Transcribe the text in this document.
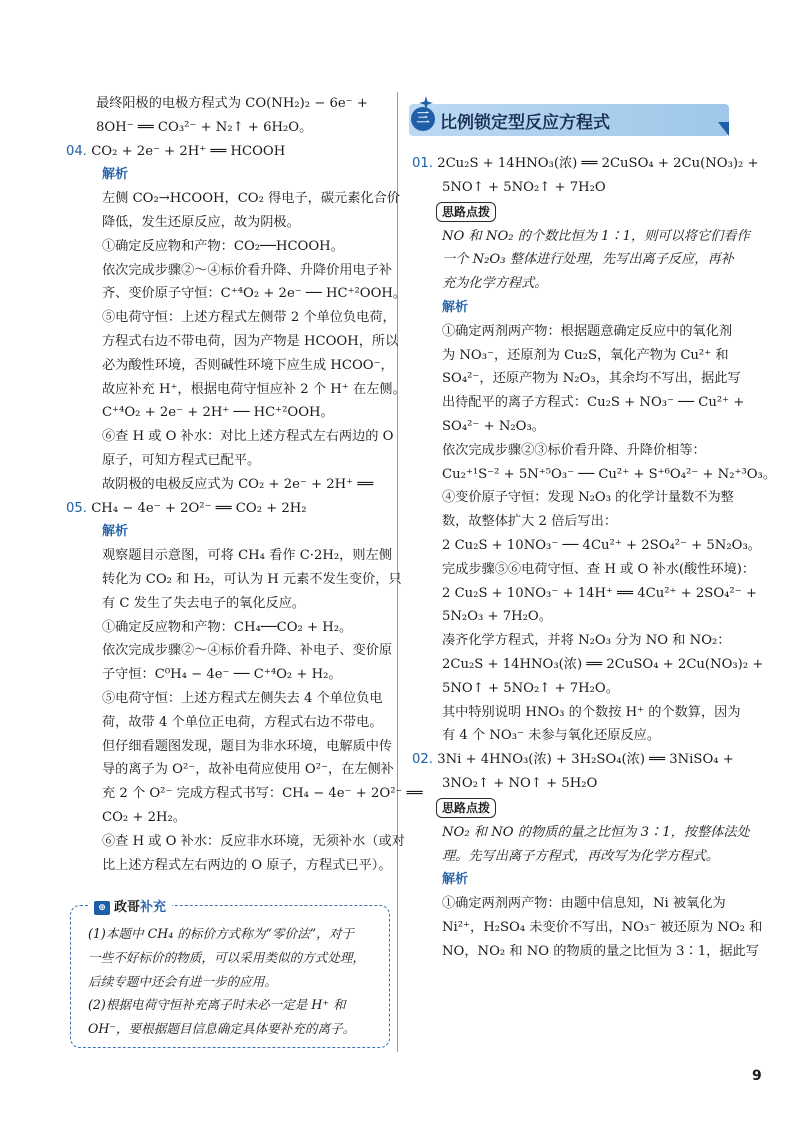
最终阳极的电极方程式为 CO(NH₂)₂ − 6e⁻ +
8OH⁻ ══ CO₃²⁻ + N₂↑ + 6H₂O。
04. CO₂ + 2e⁻ + 2H⁺ ══ HCOOH
解析
左侧 CO₂→HCOOH，CO₂ 得电子，碳元素化合价
降低，发生还原反应，故为阴极。
①确定反应物和产物：CO₂──HCOOH。
依次完成步骤②～④标价看升降、升降价用电子补
齐、变价原子守恒：C⁺⁴O₂ + 2e⁻ ── HC⁺²OOH。
⑤电荷守恒：上述方程式左侧带 2 个单位负电荷，
方程式右边不带电荷，因为产物是 HCOOH，所以
必为酸性环境，否则碱性环境下应生成 HCOO⁻，
故应补充 H⁺，根据电荷守恒应补 2 个 H⁺ 在左侧。
C⁺⁴O₂ + 2e⁻ + 2H⁺ ── HC⁺²OOH。
⑥查 H 或 O 补水：对比上述方程式左右两边的 O
原子，可知方程式已配平。
故阴极的电极反应式为 CO₂ + 2e⁻ + 2H⁺ ══
05. CH₄ − 4e⁻ + 2O²⁻ ══ CO₂ + 2H₂
解析
观察题目示意图，可将 CH₄ 看作 C·2H₂，则左侧
转化为 CO₂ 和 H₂，可认为 H 元素不发生变价，只
有 C 发生了失去电子的氧化反应。
①确定反应物和产物：CH₄──CO₂ + H₂。
依次完成步骤②～④标价看升降、补电子、变价原
子守恒：C⁰H₄ − 4e⁻ ── C⁺⁴O₂ + H₂。
⑤电荷守恒：上述方程式左侧失去 4 个单位负电
荷，故带 4 个单位正电荷，方程式右边不带电。
但仔细看题图发现，题目为非水环境，电解质中传
导的离子为 O²⁻，故补电荷应使用 O²⁻，在左侧补
充 2 个 O²⁻ 完成方程式书写：CH₄ − 4e⁻ + 2O²⁻ ══
CO₂ + 2H₂。
⑥查 H 或 O 补水：反应非水环境，无须补水（或对
比上述方程式左右两边的 O 原子，方程式已平）。
⊕ 政哥补充
(1)本题中 CH₄ 的标价方式称为“零价法”，对于
一些不好标价的物质，可以采用类似的方式处理，
后续专题中还会有进一步的应用。
(2)根据电荷守恒补充离子时未必一定是 H⁺ 和
OH⁻，要根据题目信息确定具体要补充的离子。
三 比例锁定型反应方程式
01. 2Cu₂S + 14HNO₃(浓) ══ 2CuSO₄ + 2Cu(NO₃)₂ +
5NO↑ + 5NO₂↑ + 7H₂O
思路点拨
NO 和 NO₂ 的个数比恒为 1∶1，则可以将它们看作
一个 N₂O₃ 整体进行处理，先写出离子反应，再补
充为化学方程式。
解析
①确定两剂两产物：根据题意确定反应中的氧化剂
为 NO₃⁻，还原剂为 Cu₂S，氧化产物为 Cu²⁺ 和
SO₄²⁻，还原产物为 N₂O₃，其余均不写出，据此写
出待配平的离子方程式：Cu₂S + NO₃⁻ ── Cu²⁺ +
SO₄²⁻ + N₂O₃。
依次完成步骤②③标价看升降、升降价相等：
Cu₂⁺¹S⁻² + 5N⁺⁵O₃⁻ ── Cu²⁺ + S⁺⁶O₄²⁻ + N₂⁺³O₃。
④变价原子守恒：发现 N₂O₃ 的化学计量数不为整
数，故整体扩大 2 倍后写出：
2 Cu₂S + 10NO₃⁻ ── 4Cu²⁺ + 2SO₄²⁻ + 5N₂O₃。
完成步骤⑤⑥电荷守恒、查 H 或 O 补水(酸性环境)：
2 Cu₂S + 10NO₃⁻ + 14H⁺ ══ 4Cu²⁺ + 2SO₄²⁻ +
5N₂O₃ + 7H₂O。
凑齐化学方程式，并将 N₂O₃ 分为 NO 和 NO₂：
2Cu₂S + 14HNO₃(浓) ══ 2CuSO₄ + 2Cu(NO₃)₂ +
5NO↑ + 5NO₂↑ + 7H₂O。
其中特别说明 HNO₃ 的个数按 H⁺ 的个数算，因为
有 4 个 NO₃⁻ 未参与氧化还原反应。
02. 3Ni + 4HNO₃(浓) + 3H₂SO₄(浓) ══ 3NiSO₄ +
3NO₂↑ + NO↑ + 5H₂O
思路点拨
NO₂ 和 NO 的物质的量之比恒为 3∶1，按整体法处
理。先写出离子方程式，再改写为化学方程式。
解析
①确定两剂两产物：由题中信息知，Ni 被氧化为
Ni²⁺，H₂SO₄ 未变价不写出，NO₃⁻ 被还原为 NO₂ 和
NO，NO₂ 和 NO 的物质的量之比恒为 3∶1，据此写
9
